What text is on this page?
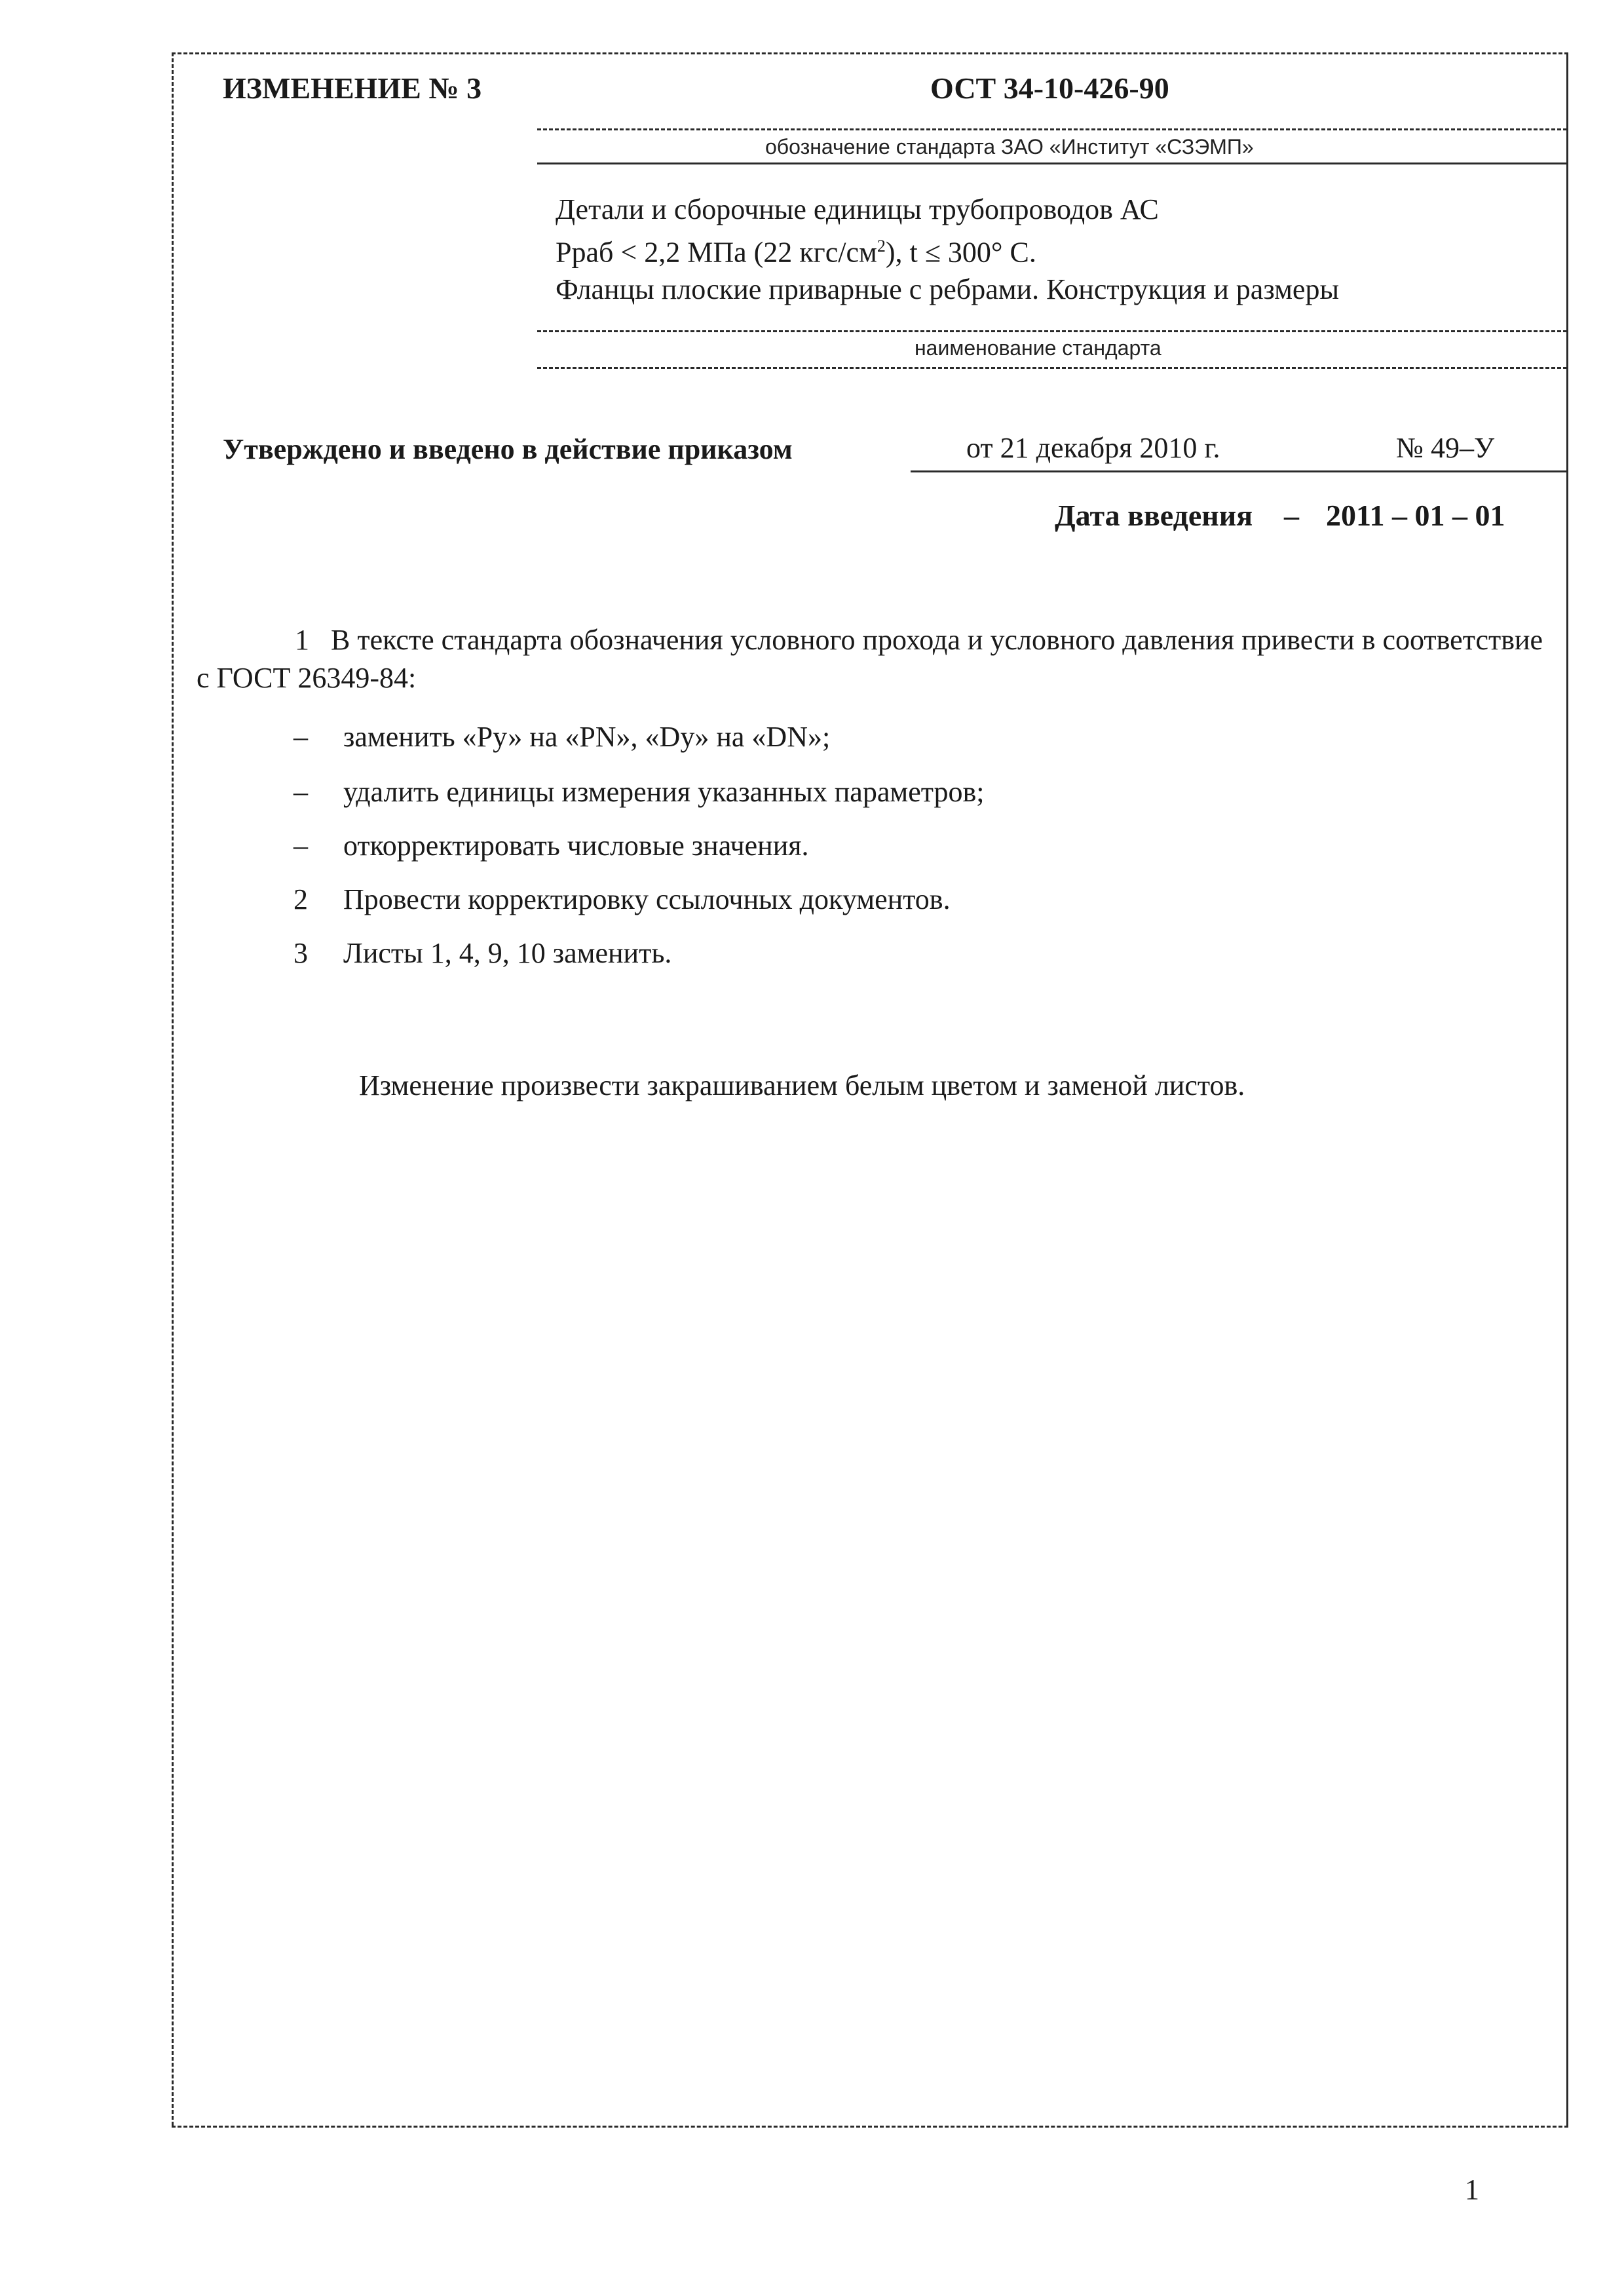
ИЗМЕНЕНИЕ № 3	ОСТ 34-10-426-90
обозначение стандарта ЗАО «Институт «СЗЭМП»
Детали и сборочные единицы трубопроводов АС
Рраб < 2,2 МПа (22 кгс/$см^2$), t ≤ 300° С.
Фланцы плоские приварные с ребрами. Конструкция и размеры
наименование стандарта
Утверждено и введено в действие приказом	от 21 декабря 2010 г.	№ 49–У
Дата введения – 2011 – 01 – 01
1 В тексте стандарта обозначения условного прохода и условного давления привести в соответствие с ГОСТ 26349-84:
–	заменить «Ру» на «PN», «Dy» на «DN»;
–	удалить единицы измерения указанных параметров;
–	откорректировать числовые значения.
2	Провести корректировку ссылочных документов.
3	Листы 1, 4, 9, 10 заменить.
Изменение произвести закрашиванием белым цветом и заменой листов.
1
